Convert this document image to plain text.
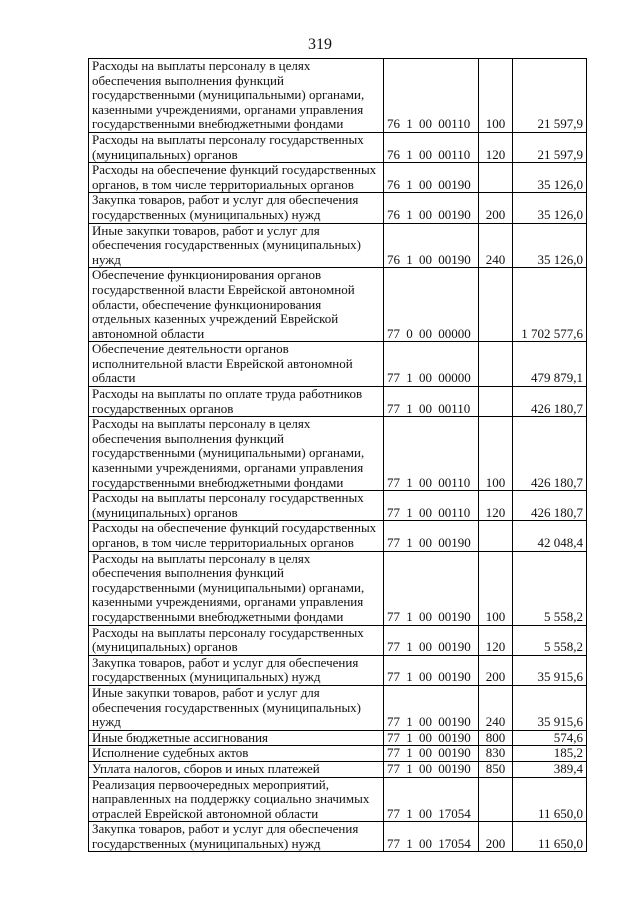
319
Расходы на выплаты персоналу в целях обеспечения выполнения функций государственными (муниципальными) органами, казенными учреждениями, органами управления государственными внебюджетными фондами	76 1 00 00110	100	21 597,9
Расходы на выплаты персоналу государственных (муниципальных) органов	76 1 00 00110	120	21 597,9
Расходы на обеспечение функций государственных органов, в том числе территориальных органов	76 1 00 00190		35 126,0
Закупка товаров, работ и услуг для обеспечения государственных (муниципальных) нужд	76 1 00 00190	200	35 126,0
Иные закупки товаров, работ и услуг для обеспечения государственных (муниципальных) нужд	76 1 00 00190	240	35 126,0
Обеспечение функционирования органов государственной власти Еврейской автономной области, обеспечение функционирования отдельных казенных учреждений Еврейской автономной области	77 0 00 00000		1 702 577,6
Обеспечение деятельности органов исполнительной власти Еврейской автономной области	77 1 00 00000		479 879,1
Расходы на выплаты по оплате труда работников государственных органов	77 1 00 00110		426 180,7
Расходы на выплаты персоналу в целях обеспечения выполнения функций государственными (муниципальными) органами, казенными учреждениями, органами управления государственными внебюджетными фондами	77 1 00 00110	100	426 180,7
Расходы на выплаты персоналу государственных (муниципальных) органов	77 1 00 00110	120	426 180,7
Расходы на обеспечение функций государственных органов, в том числе территориальных органов	77 1 00 00190		42 048,4
Расходы на выплаты персоналу в целях обеспечения выполнения функций государственными (муниципальными) органами, казенными учреждениями, органами управления государственными внебюджетными фондами	77 1 00 00190	100	5 558,2
Расходы на выплаты персоналу государственных (муниципальных) органов	77 1 00 00190	120	5 558,2
Закупка товаров, работ и услуг для обеспечения государственных (муниципальных) нужд	77 1 00 00190	200	35 915,6
Иные закупки товаров, работ и услуг для обеспечения государственных (муниципальных) нужд	77 1 00 00190	240	35 915,6
Иные бюджетные ассигнования	77 1 00 00190	800	574,6
Исполнение судебных актов	77 1 00 00190	830	185,2
Уплата налогов, сборов и иных платежей	77 1 00 00190	850	389,4
Реализация первоочередных мероприятий, направленных на поддержку социально значимых отраслей Еврейской автономной области	77 1 00 17054		11 650,0
Закупка товаров, работ и услуг для обеспечения государственных (муниципальных) нужд	77 1 00 17054	200	11 650,0
